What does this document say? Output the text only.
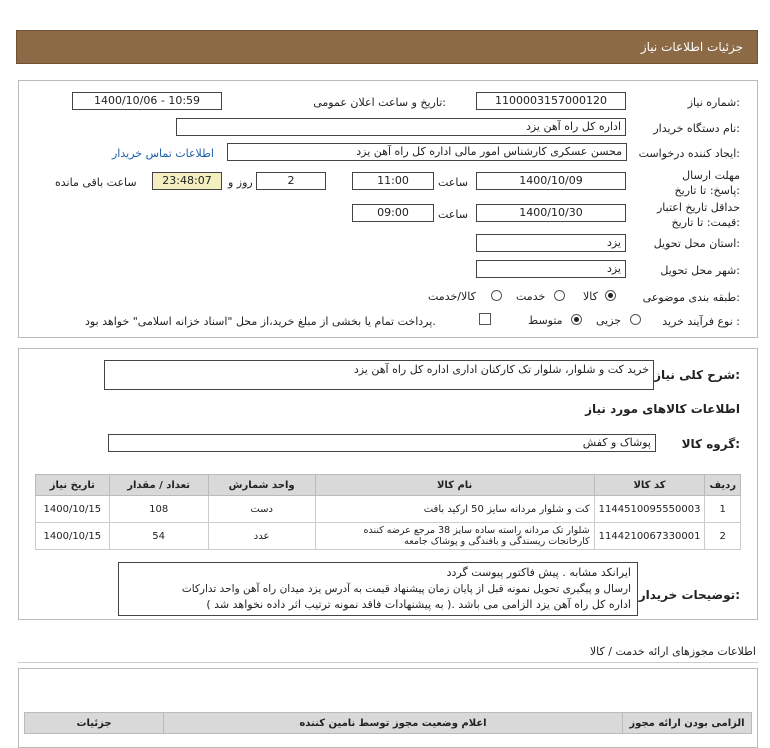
جزئیات اطلاعات نیاز
شماره نیاز:
1100003157000120
تاریخ و ساعت اعلان عمومی:
1400/10/06 - 10:59
نام دستگاه خریدار:
اداره کل راه آهن یزد
ایجاد کننده درخواست:
محسن عسکری کارشناس امور مالی اداره کل راه آهن یزد
اطلاعات تماس خریدار
مهلت ارسال پاسخ: تا تاریخ:
1400/10/09
ساعت
11:00
2
روز و
23:48:07
ساعت باقی مانده
حداقل تاریخ اعتبار قیمت: تا تاریخ:
1400/10/30
ساعت
09:00
استان محل تحویل:
یزد
شهر محل تحویل:
یزد
طبقه بندی موضوعی:
کالا
خدمت
کالا/خدمت
نوع فرآیند خرید :
جزیی
متوسط
پرداخت تمام یا بخشی از مبلغ خرید،از محل "اسناد خزانه اسلامی" خواهد بود.
شرح کلی نیاز:
خرید کت و شلوار، شلوار تک کارکنان اداری اداره کل راه آهن یزد
اطلاعات کالاهای مورد نیاز
گروه کالا:
پوشاک و کفش
ردیف	کد کالا	نام کالا	واحد شمارش	تعداد / مقدار	تاریخ نیاز
1	1144510095550003	کت و شلوار مردانه سایز 50 ارکید بافت	دست	108	1400/10/15
2	1144210067330001	شلوار تک مردانه راسته ساده سایز 38 مرجع عرضه کننده کارخانجات ریسندگی و بافندگی و پوشاک جامعه	عدد	54	1400/10/15
توضیحات خریدار:
ایرانکد مشابه . پیش فاکتور پیوست گردد
ارسال و پیگیری تحویل نمونه قبل از پایان زمان پیشنهاد قیمت به آدرس یزد میدان راه آهن واحد تدارکات
اداره کل راه آهن یزد الزامی می باشد .( به پیشنهادات فاقد نمونه ترتیب اثر داده نخواهد شد )
اطلاعات مجوزهای ارائه خدمت / کالا
الزامی بودن ارائه مجوز	اعلام وضعیت مجوز توسط نامین کننده	جزئیات
